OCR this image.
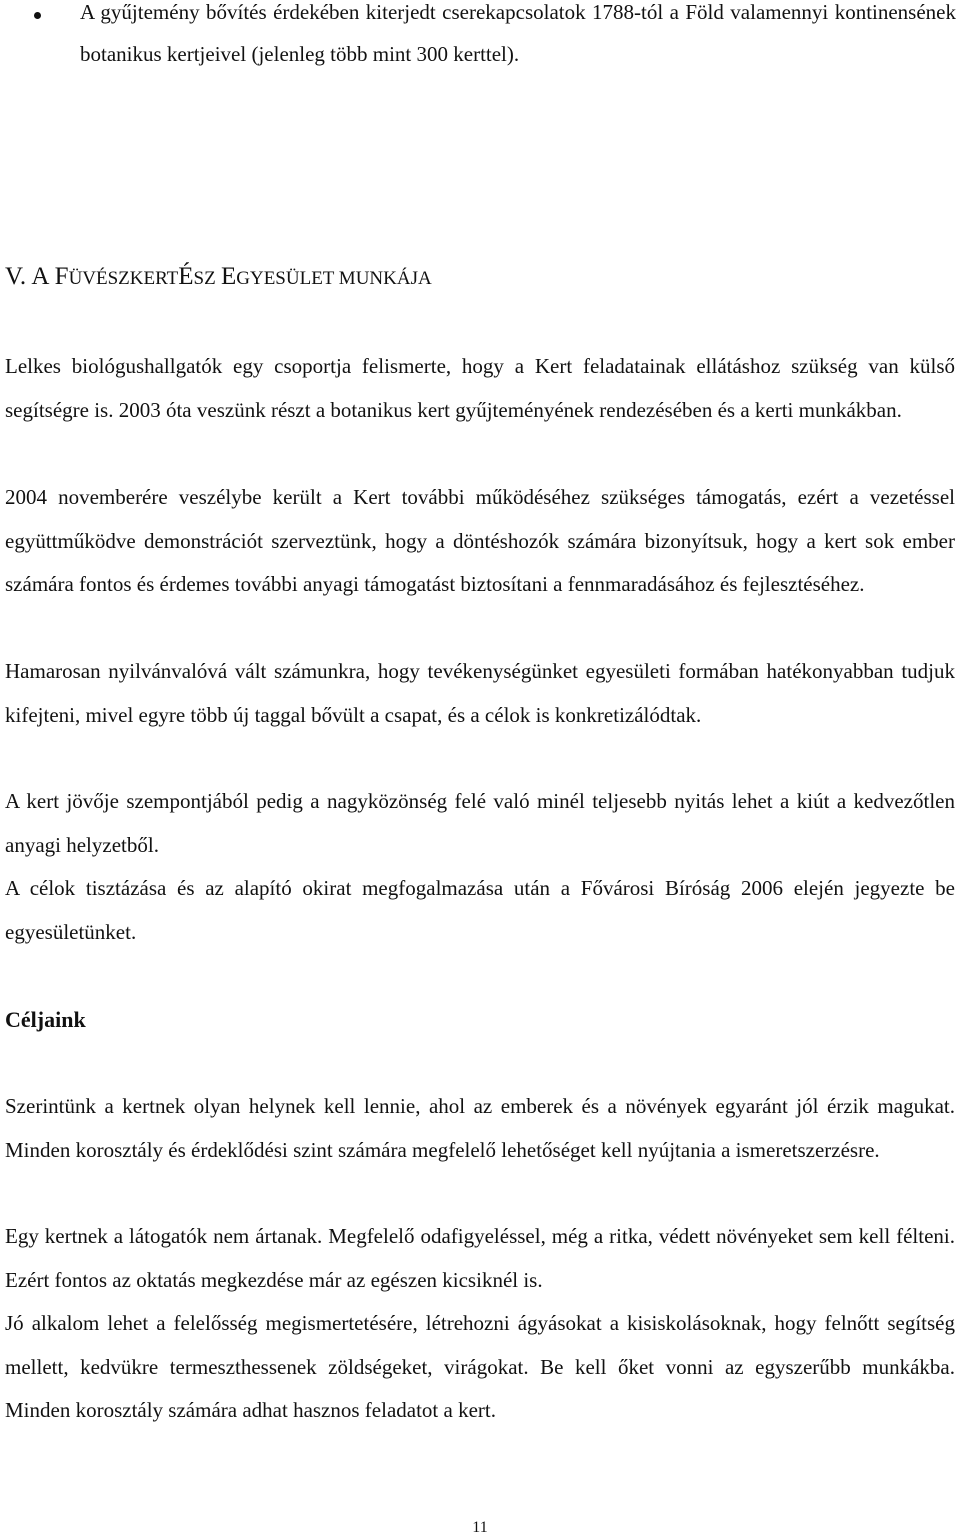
A gyűjtemény bővítés érdekében kiterjedt cserekapcsolatok 1788-tól a Föld valamennyi kontinensének botanikus kertjeivel (jelenleg több mint 300 kerttel).

V. A FÜVÉSZKERTÉSZ EGYESÜLET MUNKÁJA

Lelkes biológushallgatók egy csoportja felismerte, hogy a Kert feladatainak ellátáshoz szükség van külső segítségre is. 2003 óta veszünk részt a botanikus kert gyűjteményének rendezésében és a kerti munkákban.

2004 novemberére veszélybe került a Kert további működéséhez szükséges támogatás, ezért a vezetéssel együttműködve demonstrációt szerveztünk, hogy a döntéshozók számára bizonyítsuk, hogy a kert sok ember számára fontos és érdemes további anyagi támogatást biztosítani a fennmaradásához és fejlesztéséhez.

Hamarosan nyilvánvalóvá vált számunkra, hogy tevékenységünket egyesületi formában hatékonyabban tudjuk kifejteni, mivel egyre több új taggal bővült a csapat, és a célok is konkretizálódtak.

A kert jövője szempontjából pedig a nagyközönség felé való minél teljesebb nyitás lehet a kiút a kedvezőtlen anyagi helyzetből.

A célok tisztázása és az alapító okirat megfogalmazása után a Fővárosi Bíróság 2006 elején jegyezte be egyesületünket.

Céljaink

Szerintünk a kertnek olyan helynek kell lennie, ahol az emberek és a növények egyaránt jól érzik magukat. Minden korosztály és érdeklődési szint számára megfelelő lehetőséget kell nyújtania a ismeretszerzésre.

Egy kertnek a látogatók nem ártanak. Megfelelő odafigyeléssel, még a ritka, védett növényeket sem kell félteni. Ezért fontos az oktatás megkezdése már az egészen kicsiknél is.

Jó alkalom lehet a felelősség megismertetésére, létrehozni ágyásokat a kisiskolásoknak, hogy felnőtt segítség mellett, kedvükre termeszthessenek zöldségeket, virágokat. Be kell őket vonni az egyszerűbb munkákba. Minden korosztály számára adhat hasznos feladatot a kert.

11
